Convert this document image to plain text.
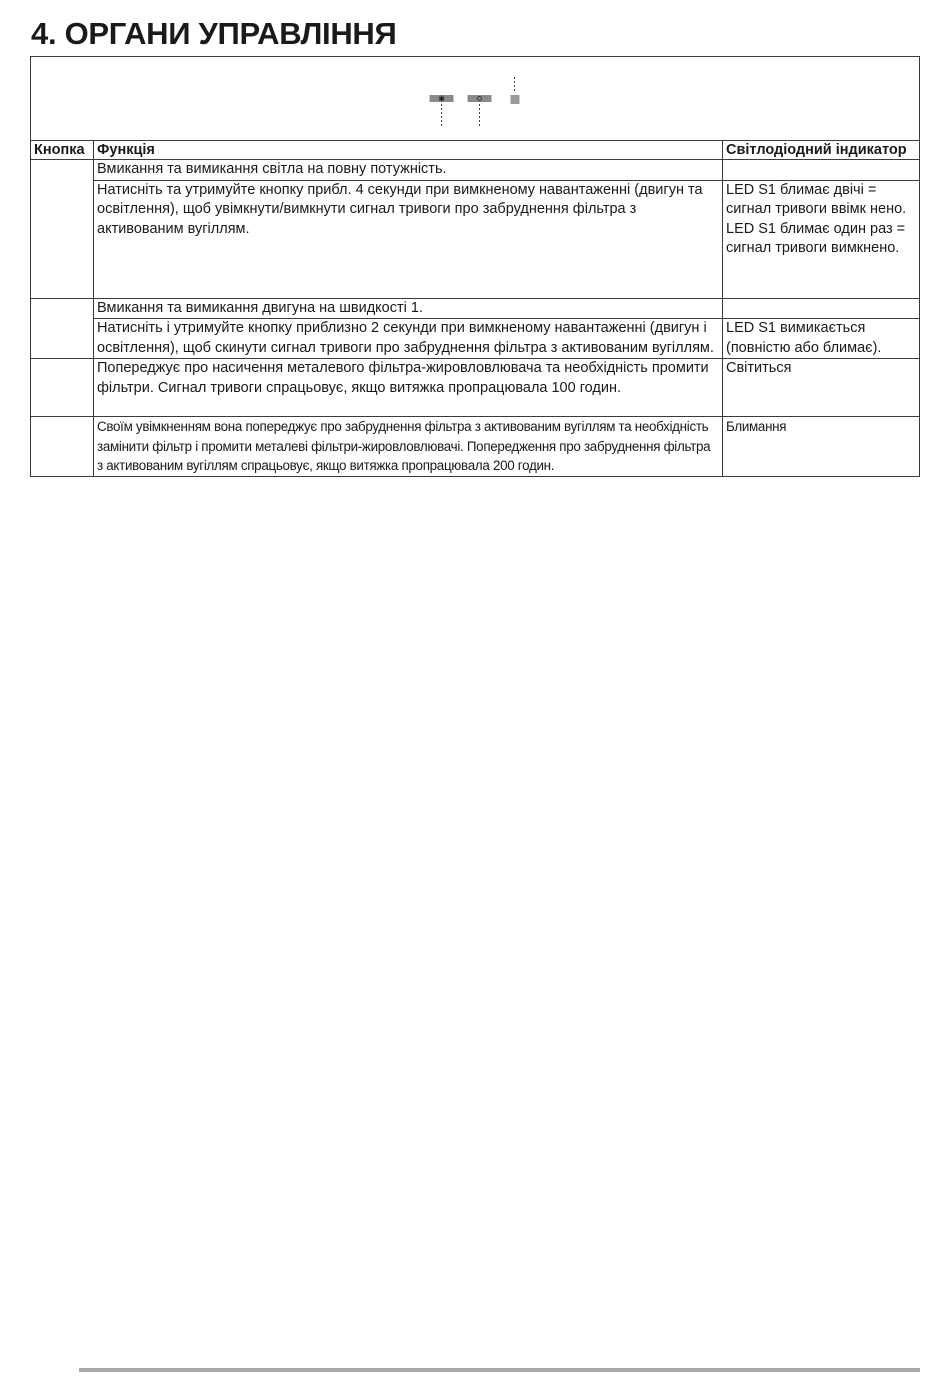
4. ОРГАНИ УПРАВЛІННЯ
✱		

Кнопка	Функція	Світлодіодний індикатор
	Вмикання та вимикання світла на повну потужність.	
	Натисніть та утримуйте кнопку прибл. 4 секунди при вимкненому навантаженні (двигун та освітлення), щоб увімкнути/вимкнути сигнал тривоги про забруднення фільтра з активованим вугіллям.	LED S1 блимає двічі = сигнал тривоги ввімк нено.
LED S1 блимає один раз = сигнал тривоги вимкнено.

	Вмикання та вимикання двигуна на швидкості 1.	
	Натисніть і утримуйте кнопку приблизно 2 секунди при вимкненому навантаженні (двигун і освітлення), щоб скинути сигнал тривоги про забруднення фільтра з активованим вугіллям.	LED S1 вимикається (повністю або блимає).
	Попереджує про насичення металевого фільтра-жировловлювача та необхідність промити фільтри. Сигнал тривоги спрацьовує, якщо витяжка пропрацювала 100 годин.	Світиться
	Своїм увімкненням вона попереджує про забруднення фільтра з активованим вугіллям та необхідність замінити фільтр і промити металеві фільтри-жировловлювачі. Попередження про забруднення фільтра з активованим вугіллям спрацьовує, якщо витяжка пропрацювала 200 годин.	Блимання
